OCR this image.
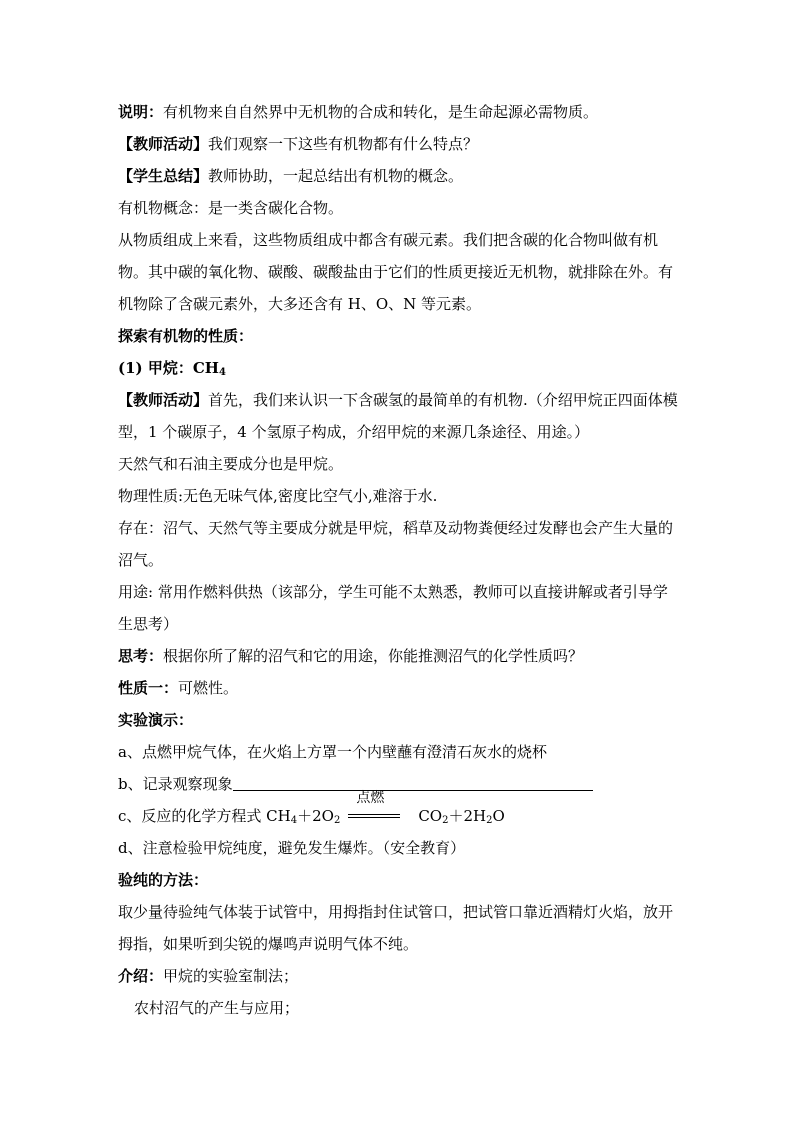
说明：有机物来自自然界中无机物的合成和转化，是生命起源必需物质。
【教师活动】我们观察一下这些有机物都有什么特点？
【学生总结】教师协助，一起总结出有机物的概念。
有机物概念：是一类含碳化合物。
从物质组成上来看，这些物质组成中都含有碳元素。我们把含碳的化合物叫做有机物。其中碳的氧化物、碳酸、碳酸盐由于它们的性质更接近无机物，就排除在外。有机物除了含碳元素外，大多还含有 H、O、N 等元素。
探索有机物的性质：
(1) 甲烷：$CH_4$
【教师活动】首先，我们来认识一下含碳氢的最简单的有机物.（介绍甲烷正四面体模型，1 个碳原子，4 个氢原子构成，介绍甲烷的来源几条途径、用途。）
天然气和石油主要成分也是甲烷。
物理性质:无色无味气体,密度比空气小,难溶于水.
存在：沼气、天然气等主要成分就是甲烷，稻草及动物粪便经过发酵也会产生大量的沼气。
用途: 常用作燃料供热（该部分，学生可能不太熟悉，教师可以直接讲解或者引导学生思考）
思考：根据你所了解的沼气和它的用途，你能推测沼气的化学性质吗？
性质一：可燃性。
实验演示：
a、点燃甲烷气体，在火焰上方罩一个内壁蘸有澄清石灰水的烧杯
b、记录观察现象
c、反应的化学方程式 $CH_4+2O_2$
点燃
$CO_2+2H_2O$
d、注意检验甲烷纯度，避免发生爆炸。（安全教育）
验纯的方法：
取少量待验纯气体装于试管中，用拇指封住试管口，把试管口靠近酒精灯火焰，放开拇指，如果听到尖锐的爆鸣声说明气体不纯。
介绍：甲烷的实验室制法；
农村沼气的产生与应用；
